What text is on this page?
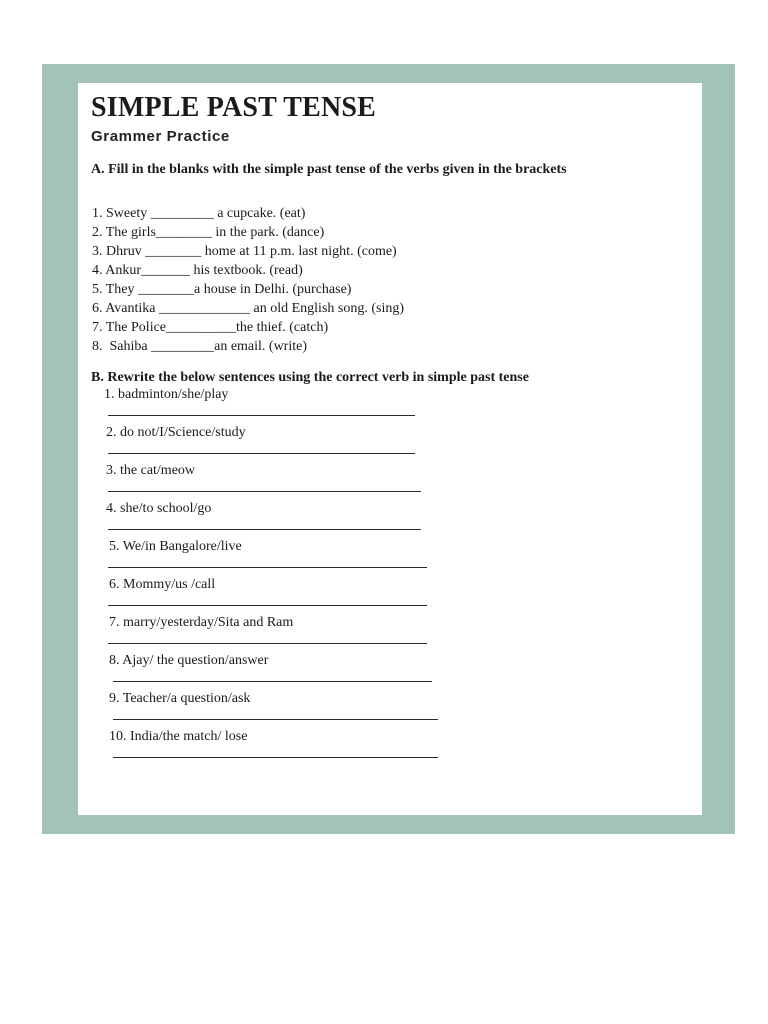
SIMPLE PAST TENSE
Grammer Practice

A. Fill in the blanks with the simple past tense of the verbs given in the brackets

1. Sweety _________ a cupcake. (eat)

2. The girls________ in the park. (dance)

3. Dhruv ________ home at 11 p.m. last night. (come)

4. Ankur_______ his textbook. (read)

5. They ________a house in Delhi. (purchase)

6. Avantika _____________ an old English song. (sing)

7. The Police__________the thief. (catch)

8.  Sahiba _________an email. (write)

B. Rewrite the below sentences using the correct verb in simple past tense

1. badminton/she/play

2. do not/I/Science/study

3. the cat/meow

4. she/to school/go

5. We/in Bangalore/live

6. Mommy/us /call

7. marry/yesterday/Sita and Ram

8. Ajay/ the question/answer

9. Teacher/a question/ask

10. India/the match/ lose
